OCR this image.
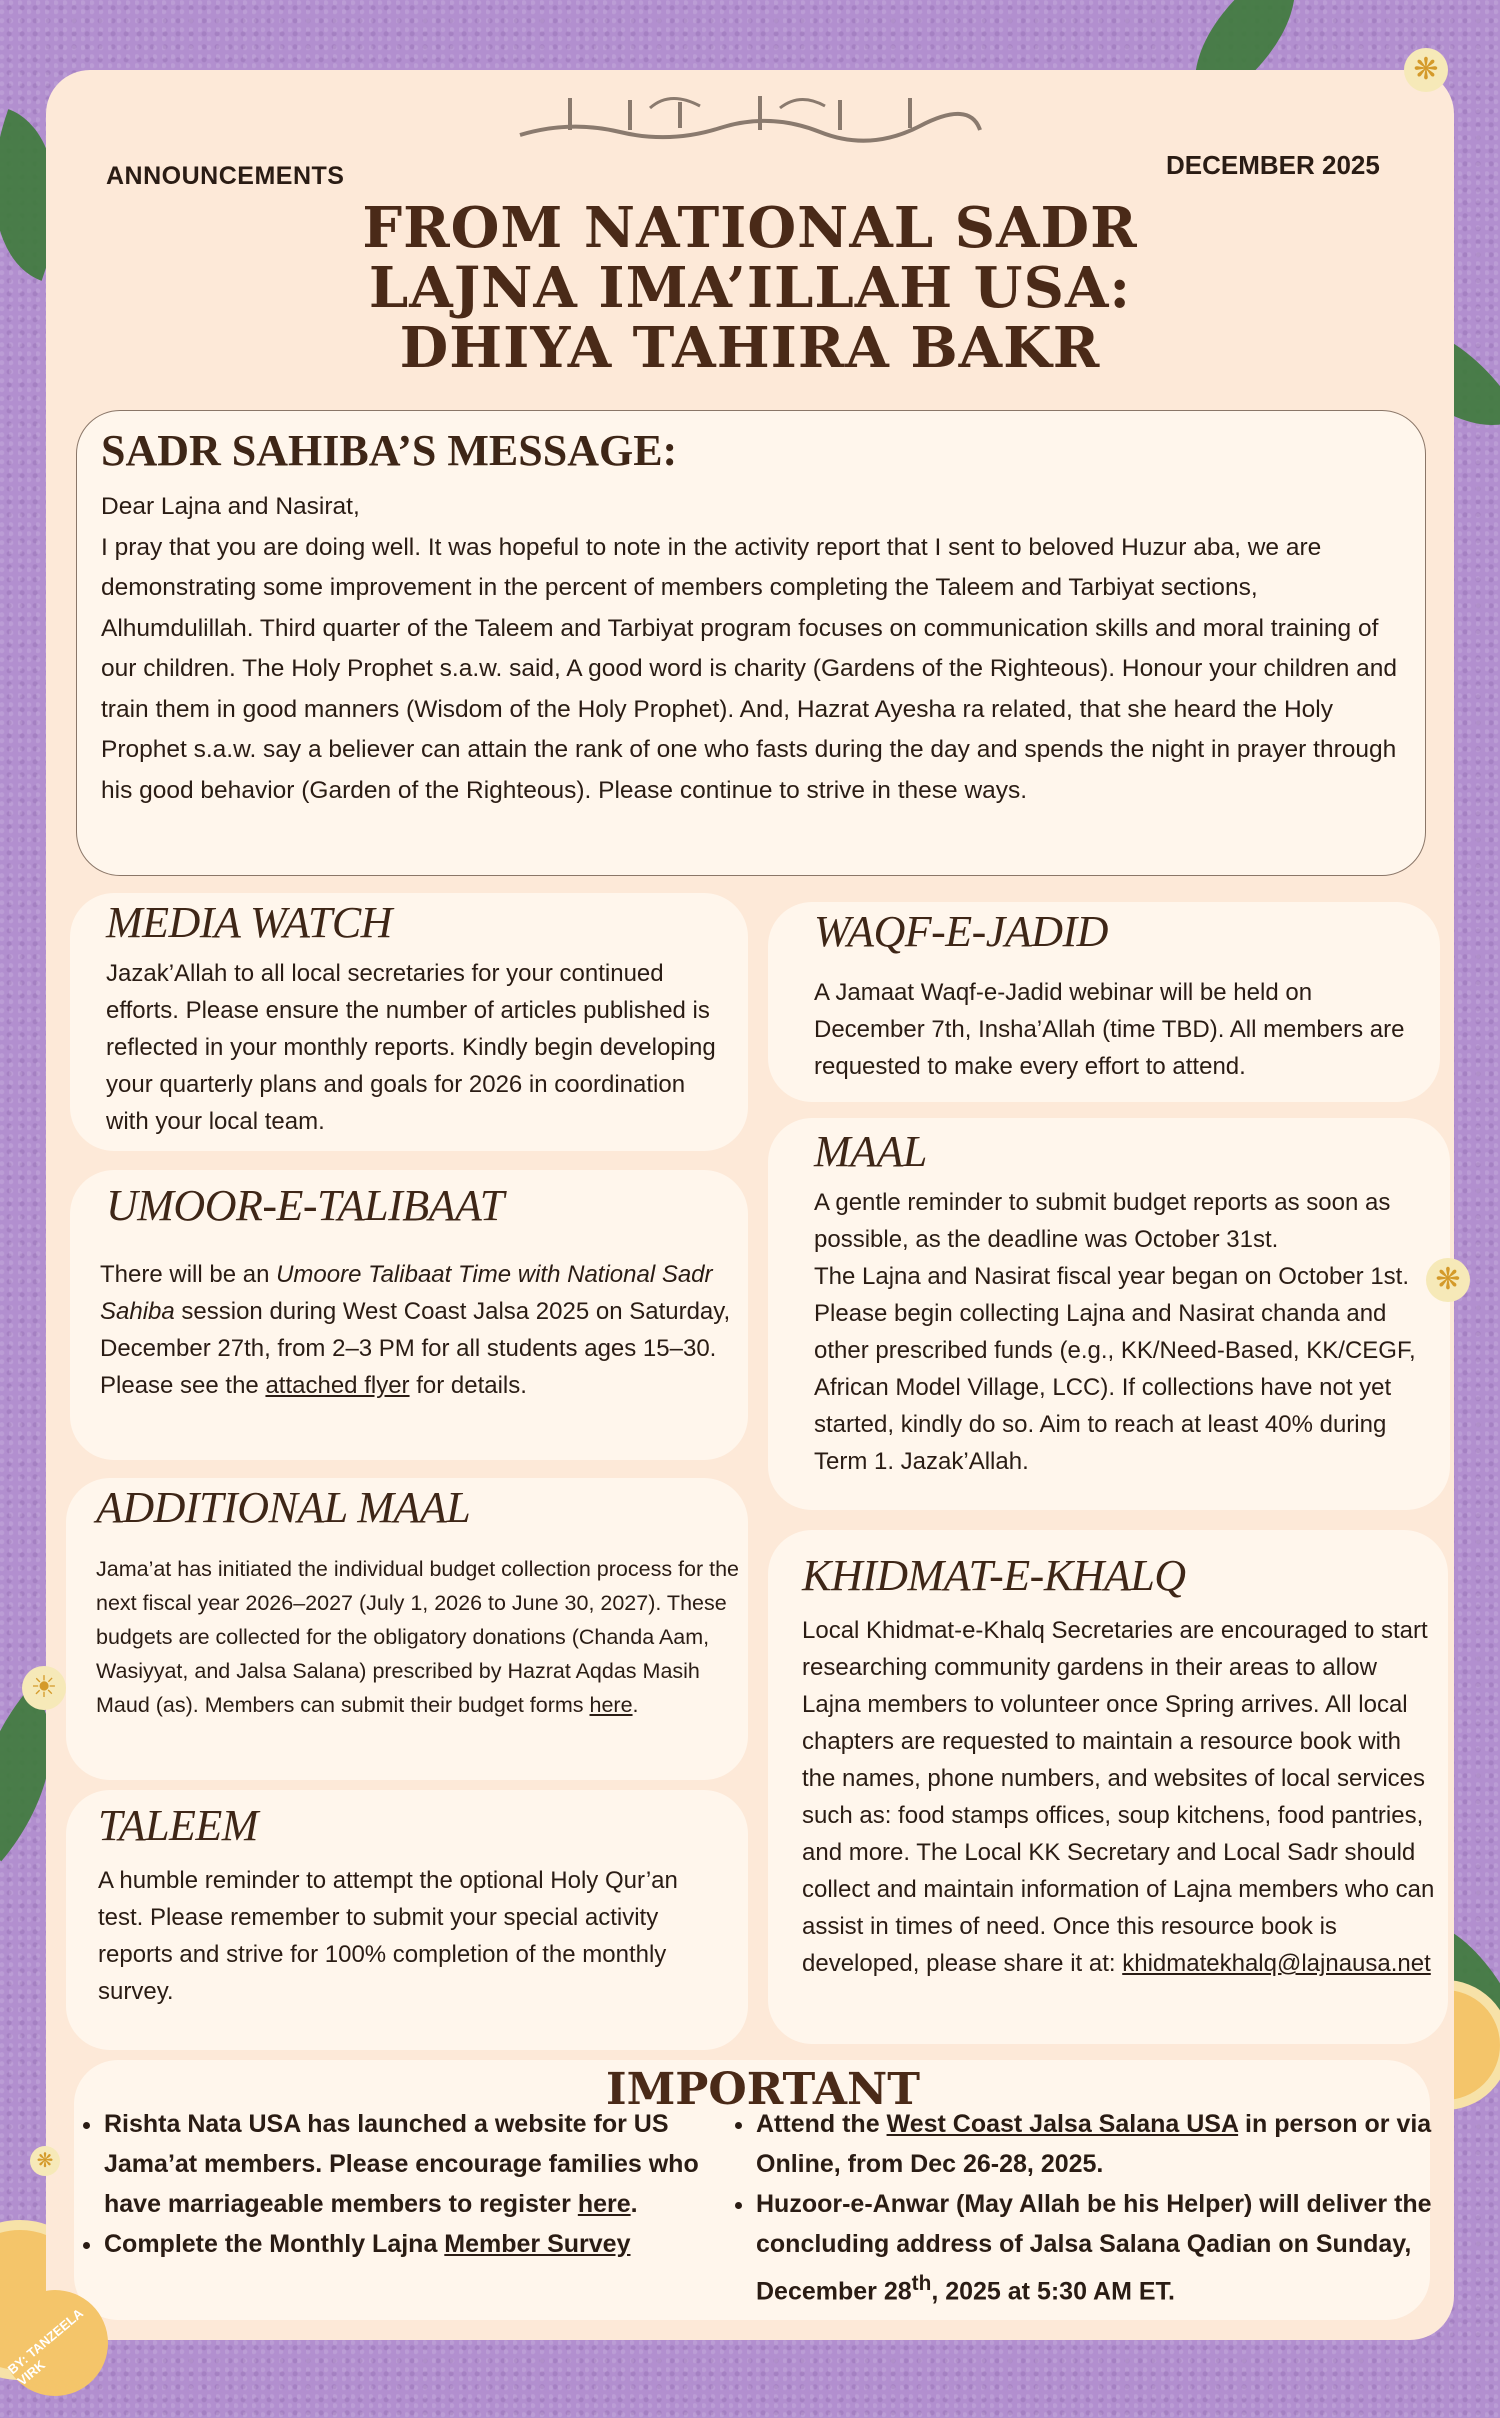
ANNOUNCEMENTS	DECEMBER 2025
FROM NATIONAL SADR
LAJNA IMA’ILLAH USA:
DHIYA TAHIRA BAKR
SADR SAHIBA’S MESSAGE:
Dear Lajna and Nasirat,
I pray that you are doing well. It was hopeful to note in the activity report that I sent to beloved Huzur aba, we are demonstrating some improvement in the percent of members completing the Taleem and Tarbiyat sections, Alhumdulillah. Third quarter of the Taleem and Tarbiyat program focuses on communication skills and moral training of our children. The Holy Prophet s.a.w. said, A good word is charity (Gardens of the Righteous). Honour your children and train them in good manners (Wisdom of the Holy Prophet). And, Hazrat Ayesha ra related, that she heard the Holy Prophet s.a.w. say a believer can attain the rank of one who fasts during the day and spends the night in prayer through his good behavior (Garden of the Righteous). Please continue to strive in these ways.
MEDIA WATCH
Jazak’Allah to all local secretaries for your continued efforts. Please ensure the number of articles published is reflected in your monthly reports. Kindly begin developing your quarterly plans and goals for 2026 in coordination with your local team.
UMOOR-E-TALIBAAT
There will be an Umoore Talibaat Time with National Sadr Sahiba session during West Coast Jalsa 2025 on Saturday, December 27th, from 2–3 PM for all students ages 15–30.
Please see the attached flyer for details.
ADDITIONAL MAAL
Jama’at has initiated the individual budget collection process for the next fiscal year 2026–2027 (July 1, 2026 to June 30, 2027). These budgets are collected for the obligatory donations (Chanda Aam, Wasiyyat, and Jalsa Salana) prescribed by Hazrat Aqdas Masih Maud (as). Members can submit their budget forms here.
TALEEM
A humble reminder to attempt the optional Holy Qur’an test. Please remember to submit your special activity reports and strive for 100% completion of the monthly survey.
WAQF-E-JADID
A Jamaat Waqf-e-Jadid webinar will be held on December 7th, Insha’Allah (time TBD). All members are requested to make every effort to attend.
MAAL
A gentle reminder to submit budget reports as soon as possible, as the deadline was October 31st.
The Lajna and Nasirat fiscal year began on October 1st. Please begin collecting Lajna and Nasirat chanda and other prescribed funds (e.g., KK/Need-Based, KK/CEGF, African Model Village, LCC). If collections have not yet started, kindly do so. Aim to reach at least 40% during Term 1. Jazak’Allah.
KHIDMAT-E-KHALQ
Local Khidmat-e-Khalq Secretaries are encouraged to start researching community gardens in their areas to allow Lajna members to volunteer once Spring arrives. All local chapters are requested to maintain a resource book with the names, phone numbers, and websites of local services such as: food stamps offices, soup kitchens, food pantries, and more. The Local KK Secretary and Local Sadr should collect and maintain information of Lajna members who can assist in times of need. Once this resource book is developed, please share it at: khidmatekhalq@lajnausa.net
IMPORTANT
• Rishta Nata USA has launched a website for US Jama’at members. Please encourage families who have marriageable members to register here.
• Complete the Monthly Lajna Member Survey
• Attend the West Coast Jalsa Salana USA in person or via Online, from Dec 26-28, 2025.
• Huzoor-e-Anwar (May Allah be his Helper) will deliver the concluding address of Jalsa Salana Qadian on Sunday, December 28th, 2025 at 5:30 AM ET.
❋
❋
☀
❋
BY: TANZEELA VIRK
